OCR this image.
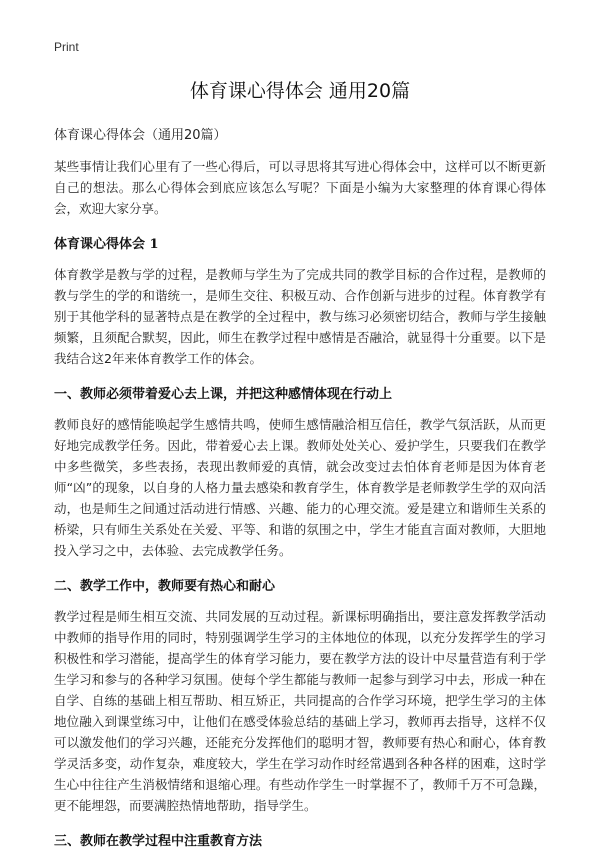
Print
体育课心得体会 通用20篇
体育课心得体会（通用20篇）

某些事情让我们心里有了一些心得后，可以寻思将其写进心得体会中，这样可以不断更新自己的想法。那么心得体会到底应该怎么写呢？下面是小编为大家整理的体育课心得体会，欢迎大家分享。

体育课心得体会 1

体育教学是教与学的过程，是教师与学生为了完成共同的教学目标的合作过程，是教师的教与学生的学的和谐统一，是师生交往、积极互动、合作创新与进步的过程。体育教学有别于其他学科的显著特点是在教学的全过程中，教与练习必须密切结合，教师与学生接触频繁，且须配合默契，因此，师生在教学过程中感情是否融洽，就显得十分重要。以下是我结合这2年来体育教学工作的体会。

一、教师必须带着爱心去上课，并把这种感情体现在行动上

教师良好的感情能唤起学生感情共鸣，使师生感情融洽相互信任，教学气氛活跃，从而更好地完成教学任务。因此，带着爱心去上课。教师处处关心、爱护学生，只要我们在教学中多些微笑，多些表扬，表现出教师爱的真情，就会改变过去怕体育老师是因为体育老师“凶”的现象，以自身的人格力量去感染和教育学生，体育教学是老师教学生学的双向活动，也是师生之间通过活动进行情感、兴趣、能力的心理交流。爱是建立和谐师生关系的桥梁，只有师生关系处在关爱、平等、和谐的氛围之中，学生才能直言面对教师，大胆地投入学习之中，去体验、去完成教学任务。

二、教学工作中，教师要有热心和耐心

教学过程是师生相互交流、共同发展的互动过程。新课标明确指出，要注意发挥教学活动中教师的指导作用的同时，特别强调学生学习的主体地位的体现，以充分发挥学生的学习积极性和学习潜能，提高学生的体育学习能力，要在教学方法的设计中尽量营造有利于学生学习和参与的各种学习氛围。使每个学生都能与教师一起参与到学习中去，形成一种在自学、自练的基础上相互帮助、相互矫正，共同提高的合作学习环境，把学生学习的主体地位融入到课堂练习中，让他们在感受体验总结的基础上学习，教师再去指导，这样不仅可以激发他们的学习兴趣，还能充分发挥他们的聪明才智，教师要有热心和耐心，体育教学灵活多变，动作复杂，难度较大，学生在学习动作时经常遇到各种各样的困难，这时学生心中往往产生消极情绪和退缩心理。有些动作学生一时掌握不了，教师千万不可急躁，更不能埋怨，而要满腔热情地帮助，指导学生。

三、教师在教学过程中注重教育方法
